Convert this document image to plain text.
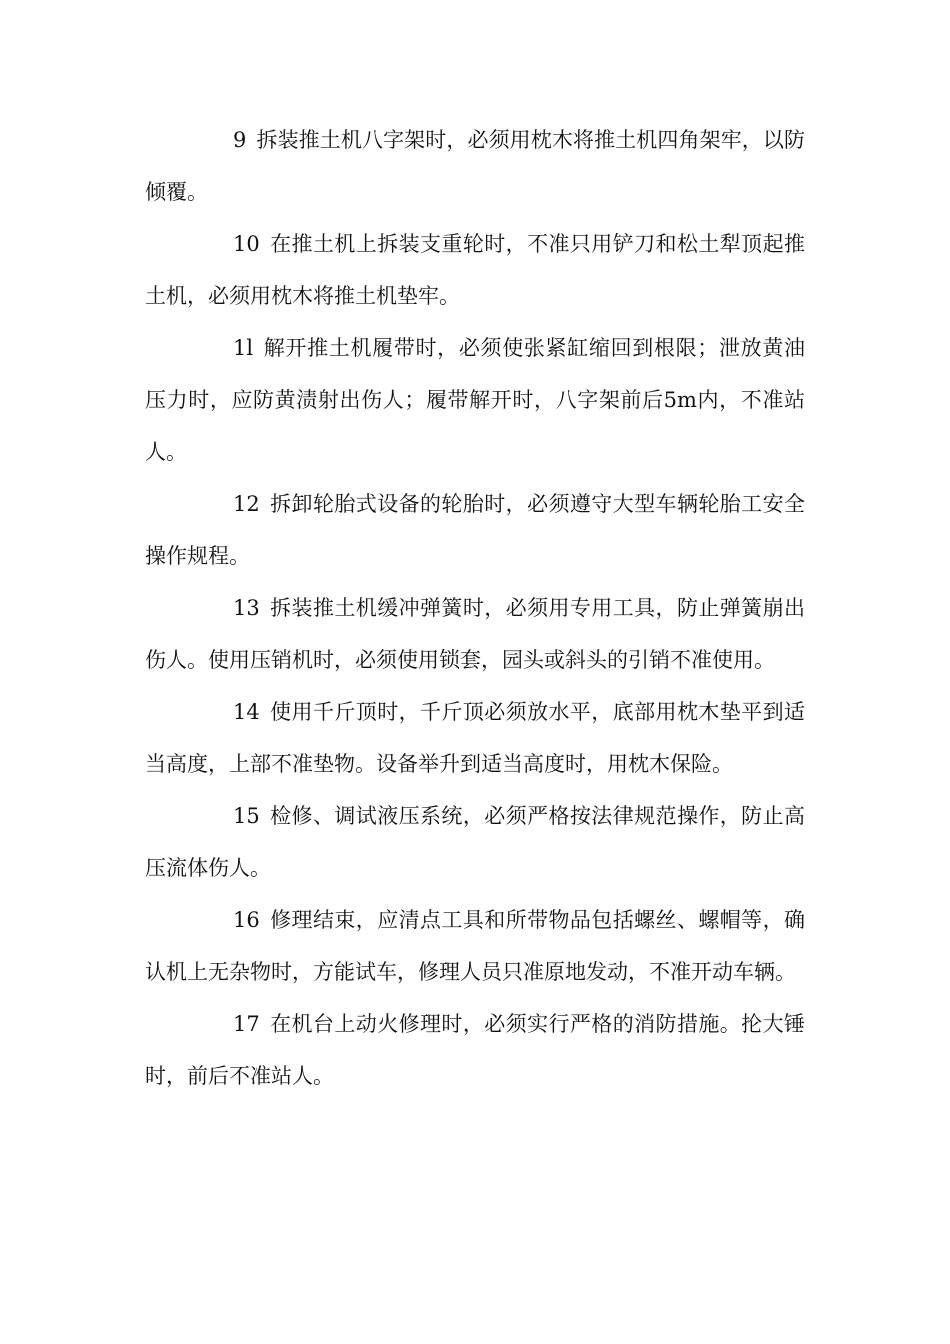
9 拆装推土机八字架时，必须用枕木将推土机四角架牢，以防倾覆。

10 在推土机上拆装支重轮时，不准只用铲刀和松土犁顶起推土机，必须用枕木将推土机垫牢。

1l 解开推土机履带时，必须使张紧缸缩回到根限；泄放黄油压力时，应防黄渍射出伤人；履带解开时，八字架前后5m内，不准站人。

12 拆卸轮胎式设备的轮胎时，必须遵守大型车辆轮胎工安全操作规程。

13 拆装推土机缓冲弹簧时，必须用专用工具，防止弹簧崩出伤人。使用压销机时，必须使用锁套，园头或斜头的引销不准使用。

14 使用千斤顶时，千斤顶必须放水平，底部用枕木垫平到适当高度，上部不准垫物。设备举升到适当高度时，用枕木保险。

15 检修、调试液压系统，必须严格按法律规范操作，防止高压流体伤人。

16 修理结束，应清点工具和所带物品包括螺丝、螺帽等，确认机上无杂物时，方能试车，修理人员只准原地发动，不准开动车辆。

17 在机台上动火修理时，必须实行严格的消防措施。抡大锤时，前后不准站人。
